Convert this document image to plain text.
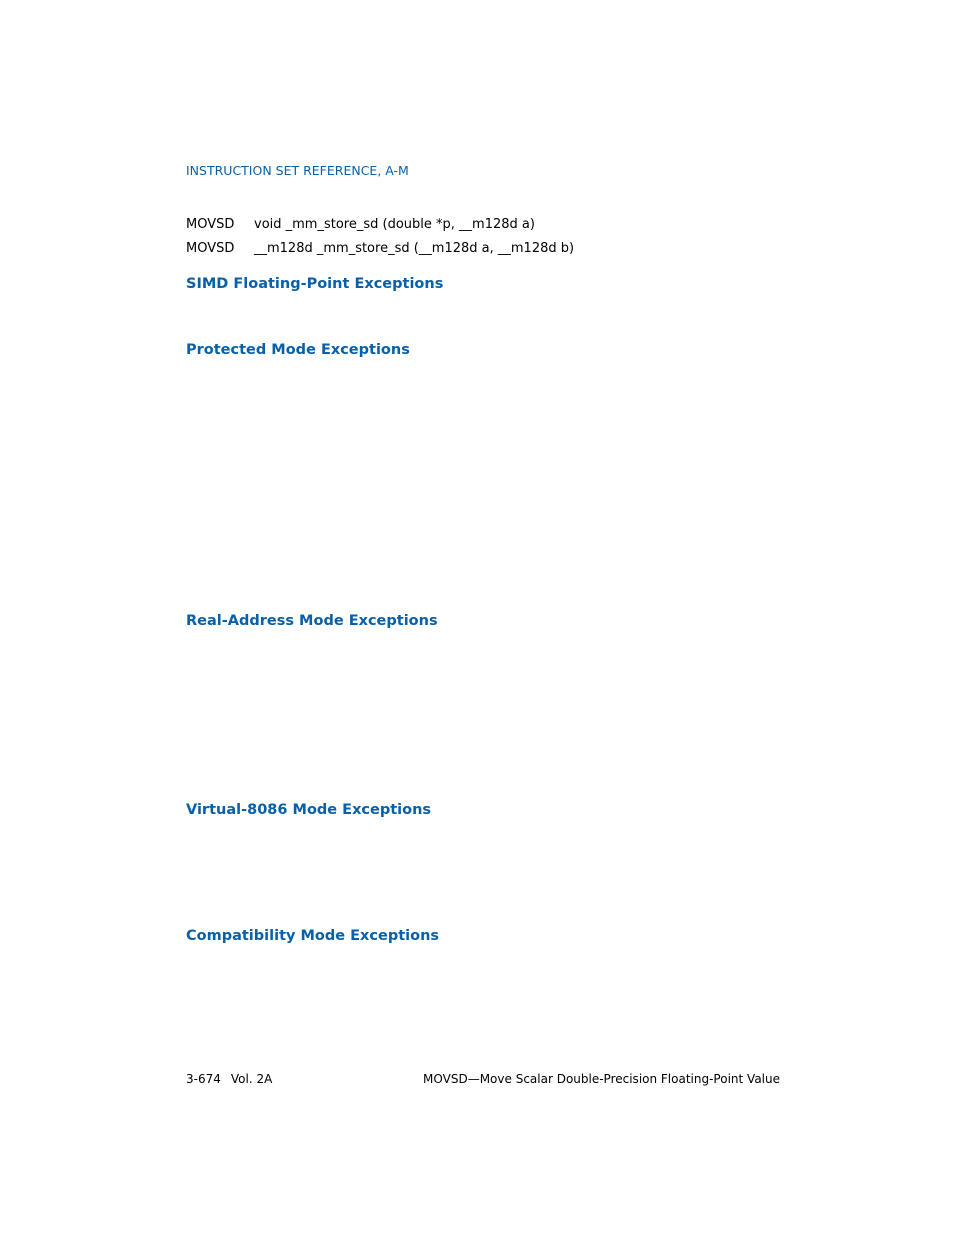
INSTRUCTION SET REFERENCE, A-M
MOVSD void _mm_store_sd (double *p, __m128d a)
MOVSD __m128d _mm_store_sd (__m128d a, __m128d b)
SIMD Floating-Point Exceptions
Protected Mode Exceptions
Real-Address Mode Exceptions
Virtual-8086 Mode Exceptions
Compatibility Mode Exceptions
3-674 Vol. 2A	MOVSD—Move Scalar Double-Precision Floating-Point Value
